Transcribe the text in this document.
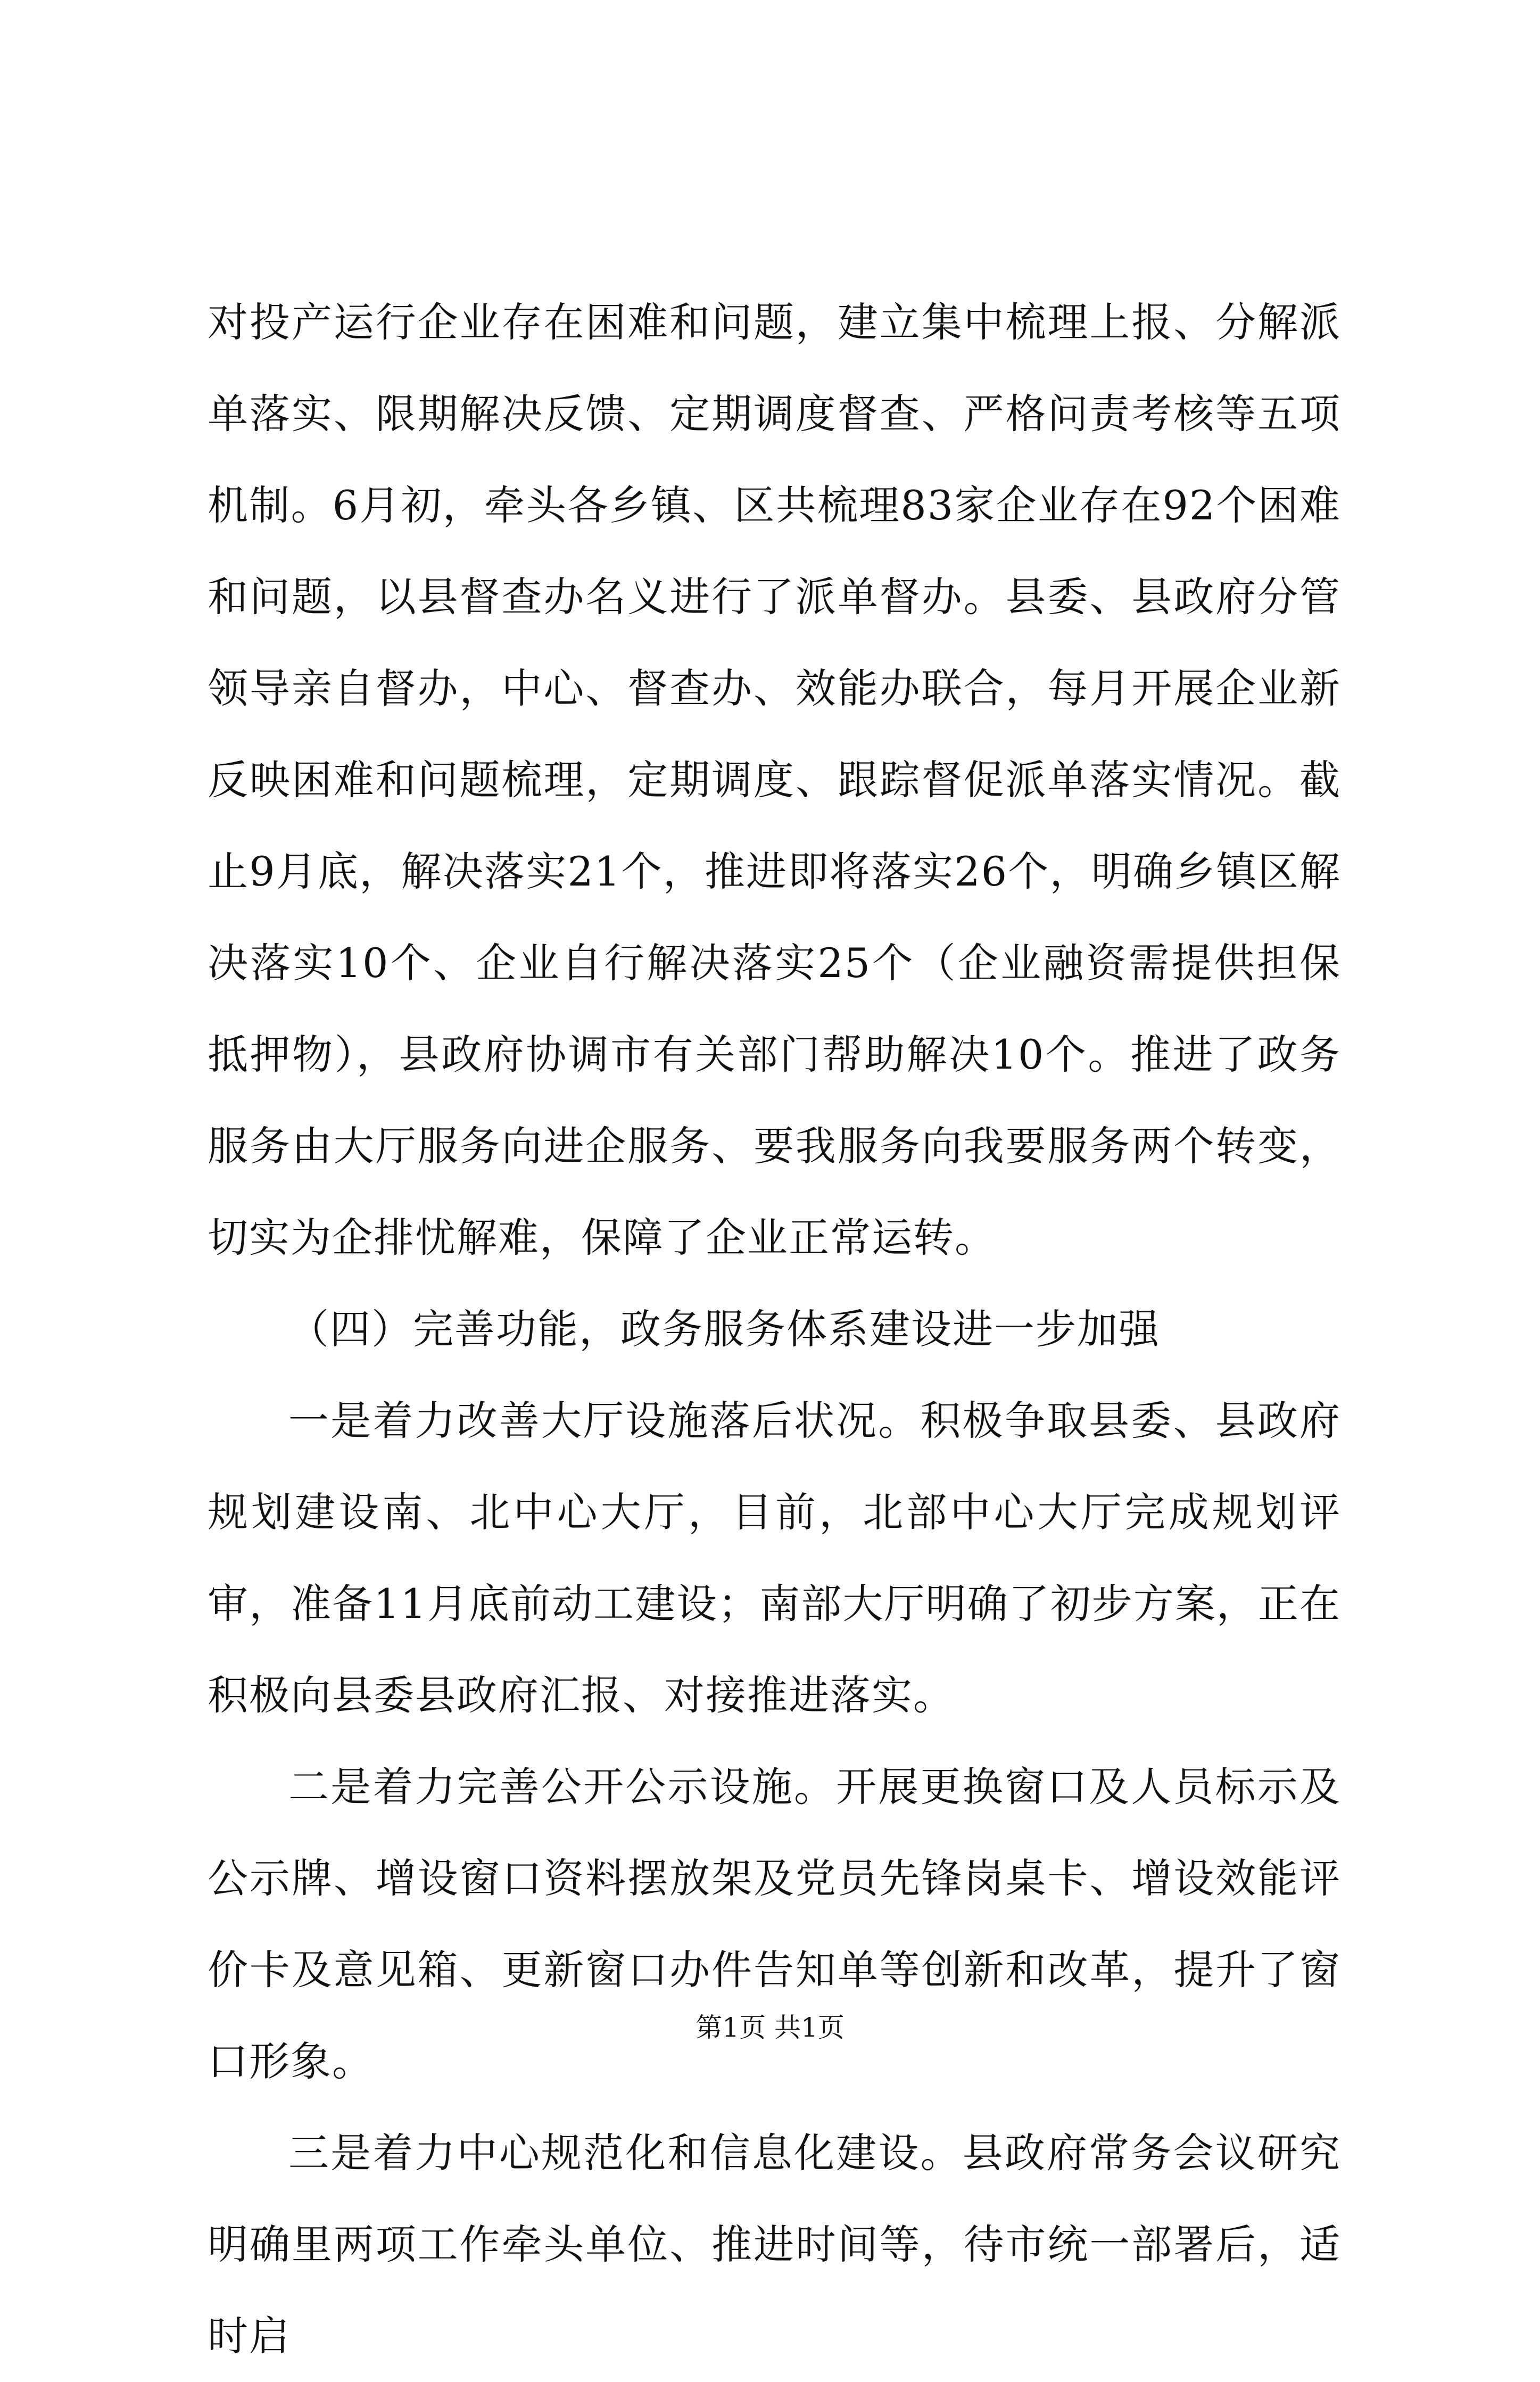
对投产运行企业存在困难和问题，建立集中梳理上报、分解派单落实、限期解决反馈、定期调度督查、严格问责考核等五项机制。6月初，牵头各乡镇、区共梳理83家企业存在92个困难和问题，以县督查办名义进行了派单督办。县委、县政府分管领导亲自督办，中心、督查办、效能办联合，每月开展企业新反映困难和问题梳理，定期调度、跟踪督促派单落实情况。截止9月底，解决落实21个，推进即将落实26个，明确乡镇区解决落实10个、企业自行解决落实25个（企业融资需提供担保抵押物），县政府协调市有关部门帮助解决10个。推进了政务服务由大厅服务向进企服务、要我服务向我要服务两个转变，切实为企排忧解难，保障了企业正常运转。

（四）完善功能，政务服务体系建设进一步加强

一是着力改善大厅设施落后状况。积极争取县委、县政府规划建设南、北中心大厅，目前，北部中心大厅完成规划评审，准备11月底前动工建设；南部大厅明确了初步方案，正在积极向县委县政府汇报、对接推进落实。

二是着力完善公开公示设施。开展更换窗口及人员标示及公示牌、增设窗口资料摆放架及党员先锋岗桌卡、增设效能评价卡及意见箱、更新窗口办件告知单等创新和改革，提升了窗口形象。

三是着力中心规范化和信息化建设。县政府常务会议研究明确里两项工作牵头单位、推进时间等，待市统一部署后，适时启

第1页 共1页
